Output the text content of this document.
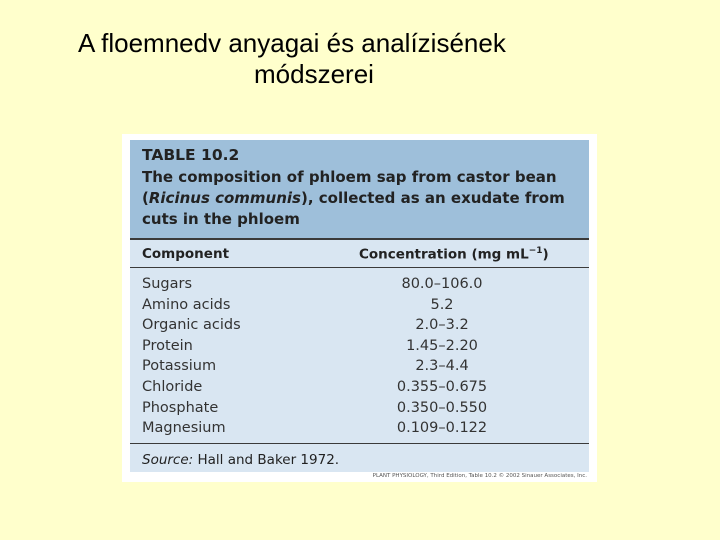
A floemnedv anyagai és analízisének
módszerei
TABLE 10.2
The composition of phloem sap from castor bean (Ricinus communis), collected as an exudate from cuts in the phloem
Component	Concentration (mg $mL^{-1}$)
Sugars	80.0–106.0
Amino acids	5.2
Organic acids	2.0–3.2
Protein	1.45–2.20
Potassium	2.3–4.4
Chloride	0.355–0.675
Phosphate	0.350–0.550
Magnesium	0.109–0.122
Source: Hall and Baker 1972.
PLANT PHYSIOLOGY, Third Edition, Table 10.2 © 2002 Sinauer Associates, Inc.
